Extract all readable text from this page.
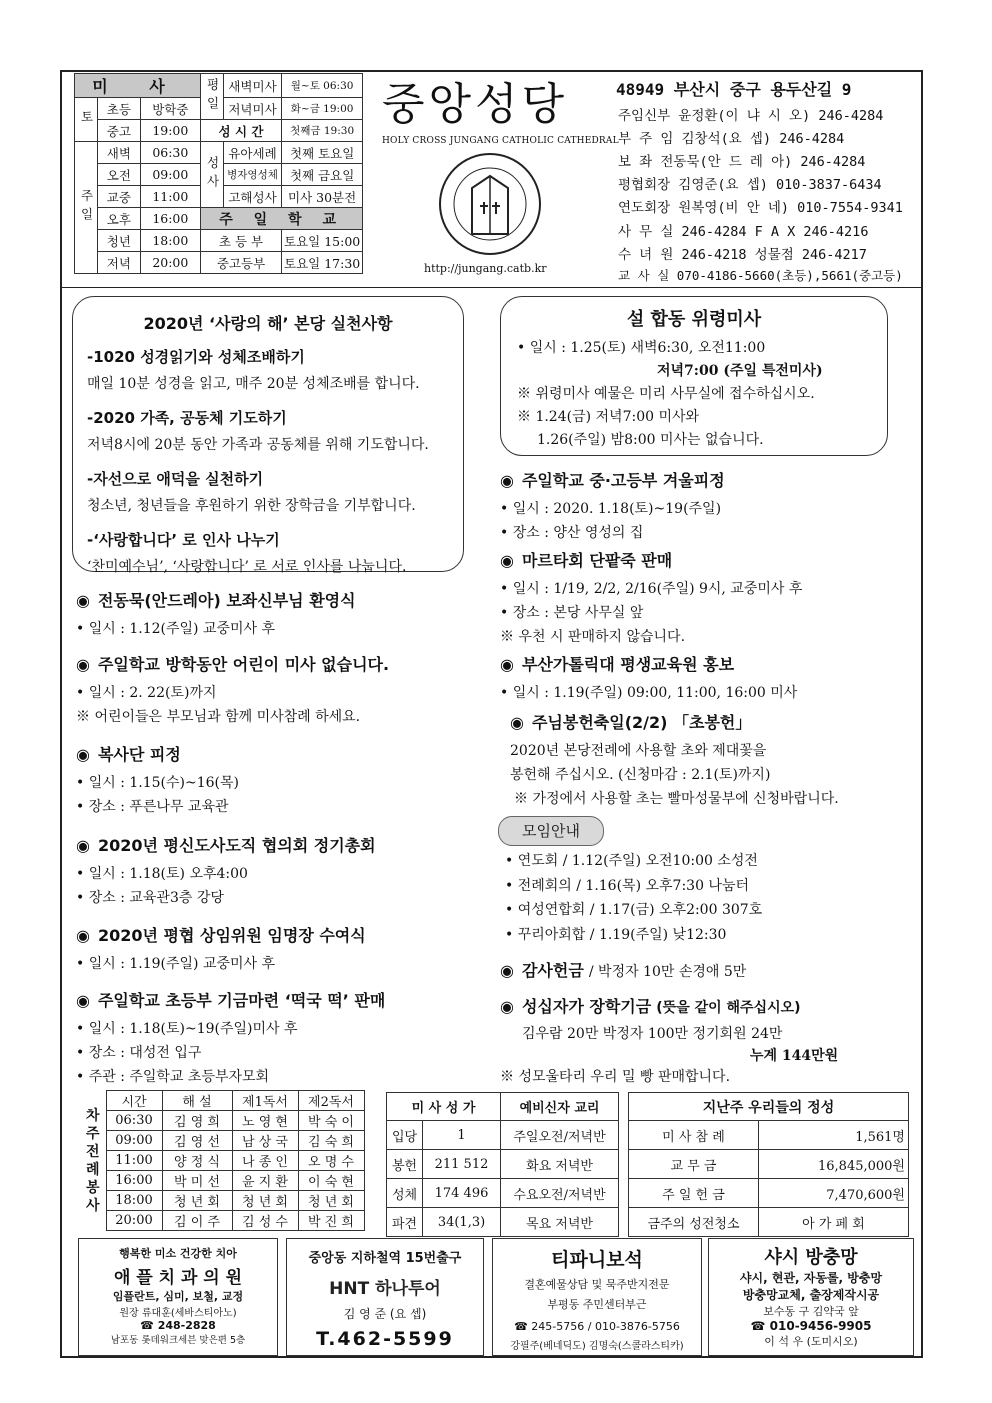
미 사			평일	새벽미사	월~토 06:30
토	초등	방학중		저녁미사	화~금 19:00
	중고	19:00	성 시 간		첫째금 19:30
주일	새벽	06:30	성사	유아세례	첫째 토요일
	오전	09:00		병자영성체	첫째 금요일
	교중	11:00		고해성사	미사 30분전
	오후	16:00	주 일 학 교		
	청년	18:00	초 등 부		토요일 15:00
	저녁	20:00	중고등부		토요일 17:30
중앙성당
HOLY CROSS JUNGANG CATHOLIC CATHEDRAL
http://jungang.catb.kr
48949 부산시 중구 용두산길 9
주임신부 윤정환(이 냐 시 오) 246-4284
부 주 임 김창석(요 셉) 246-4284
보 좌 전동묵(안 드 레 아) 246-4284
평협회장 김영준(요 셉) 010-3837-6434
연도회장 원복영(비 안 네) 010-7554-9341
사 무 실 246-4284 F A X 246-4216
수 녀 원 246-4218 성물점 246-4217
교 사 실 070-4186-5660(초등),5661(중고등)
2020년 ‘사랑의 해’ 본당 실천사항
-1020 성경읽기와 성체조배하기
매일 10분 성경을 읽고, 매주 20분 성체조배를 합니다.
-2020 가족, 공동체 기도하기
저녁8시에 20분 동안 가족과 공동체를 위해 기도합니다.
-자선으로 애덕을 실천하기
청소년, 청년들을 후원하기 위한 장학금을 기부합니다.
-‘사랑합니다’ 로 인사 나누기
‘찬미예수님’, ‘사랑합니다’ 로 서로 인사를 나눕니다.
설 합동 위령미사
• 일시 : 1.25(토) 새벽6:30, 오전11:00
저녁7:00 (주일 특전미사)
※ 위령미사 예물은 미리 사무실에 접수하십시오.
※ 1.24(금) 저녁7:00 미사와
1.26(주일) 밤8:00 미사는 없습니다.
◉ 전동묵(안드레아) 보좌신부님 환영식
• 일시 : 1.12(주일) 교중미사 후
◉ 주일학교 방학동안 어린이 미사 없습니다.
• 일시 : 2. 22(토)까지
※ 어린이들은 부모님과 함께 미사참례 하세요.
◉ 복사단 피정
• 일시 : 1.15(수)~16(목)
• 장소 : 푸른나무 교육관
◉ 2020년 평신도사도직 협의회 정기총회
• 일시 : 1.18(토) 오후4:00
• 장소 : 교육관3층 강당
◉ 2020년 평협 상임위원 임명장 수여식
• 일시 : 1.19(주일) 교중미사 후
◉ 주일학교 초등부 기금마련 ‘떡국 떡’ 판매
• 일시 : 1.18(토)~19(주일)미사 후
• 장소 : 대성전 입구
• 주관 : 주일학교 초등부자모회
◉ 주일학교 중·고등부 겨울피정
• 일시 : 2020. 1.18(토)~19(주일)
• 장소 : 양산 영성의 집
◉ 마르타회 단팥죽 판매
• 일시 : 1/19, 2/2, 2/16(주일) 9시, 교중미사 후
• 장소 : 본당 사무실 앞
※ 우천 시 판매하지 않습니다.
◉ 부산가톨릭대 평생교육원 홍보
• 일시 : 1.19(주일) 09:00, 11:00, 16:00 미사
◉ 주님봉헌축일(2/2) 「초봉헌」
2020년 본당전례에 사용할 초와 제대꽃을
봉헌해 주십시오. (신청마감 : 2.1(토)까지)
※ 가정에서 사용할 초는 빨마성물부에 신청바랍니다.
모임안내
• 연도회 / 1.12(주일) 오전10:00 소성전
• 전례회의 / 1.16(목) 오후7:30 나눔터
• 여성연합회 / 1.17(금) 오후2:00 307호
• 꾸리아회합 / 1.19(주일) 낮12:30
◉ 감사헌금 / 박정자 10만 손경애 5만
◉ 성십자가 장학기금 (뜻을 같이 해주십시오)
김우람 20만 박정자 100만 정기회원 24만
누계 144만원
※ 성모울타리 우리 밀 빵 판매합니다.
차주전례봉사	시간	해 설	제1독서	제2독서
	06:30	김 영 희	노 영 현	박 숙 이
	09:00	김 영 선	남 상 국	김 숙 희
	11:00	양 정 식	나 종 인	오 명 수
	16:00	박 미 선	윤 지 환	이 숙 현
	18:00	청 년 회	청 년 회	청 년 회
	20:00	김 이 주	김 성 수	박 진 희
미 사 성 가		예비신자 교리
입당	1	주일오전/저녁반
봉헌	211 512	화요 저녁반
성체	174 496	수요오전/저녁반
파견	34(1,3)	목요 저녁반
지난주 우리들의 정성	
미 사 참 례	1,561명
교 무 금	16,845,000원
주 일 헌 금	7,470,600원
금주의 성전청소	아 가 페 회
행복한 미소 건강한 치아
애 플 치 과 의 원
임플란트, 심미, 보철, 교정
원장 류대훈(세바스티아노)
☎ 248-2828
남포동 롯데워크세븐 맞은편 5층
중앙동 지하철역 15번출구
HNT 하나투어
김 영 준 (요 셉)
T.462-5599
티파니보석
결혼예물상담 및 묵주반지전문
부평동 주민센터부근
☎ 245-5756 / 010-3876-5756
강필주(베네딕도) 김명숙(스콜라스티카)
샤시 방충망
샤시, 현관, 자동롤, 방충망
방충망교체, 출장제작시공
보수동 구 김약국 앞
☎ 010-9456-9905
이 석 우 (도미시오)
